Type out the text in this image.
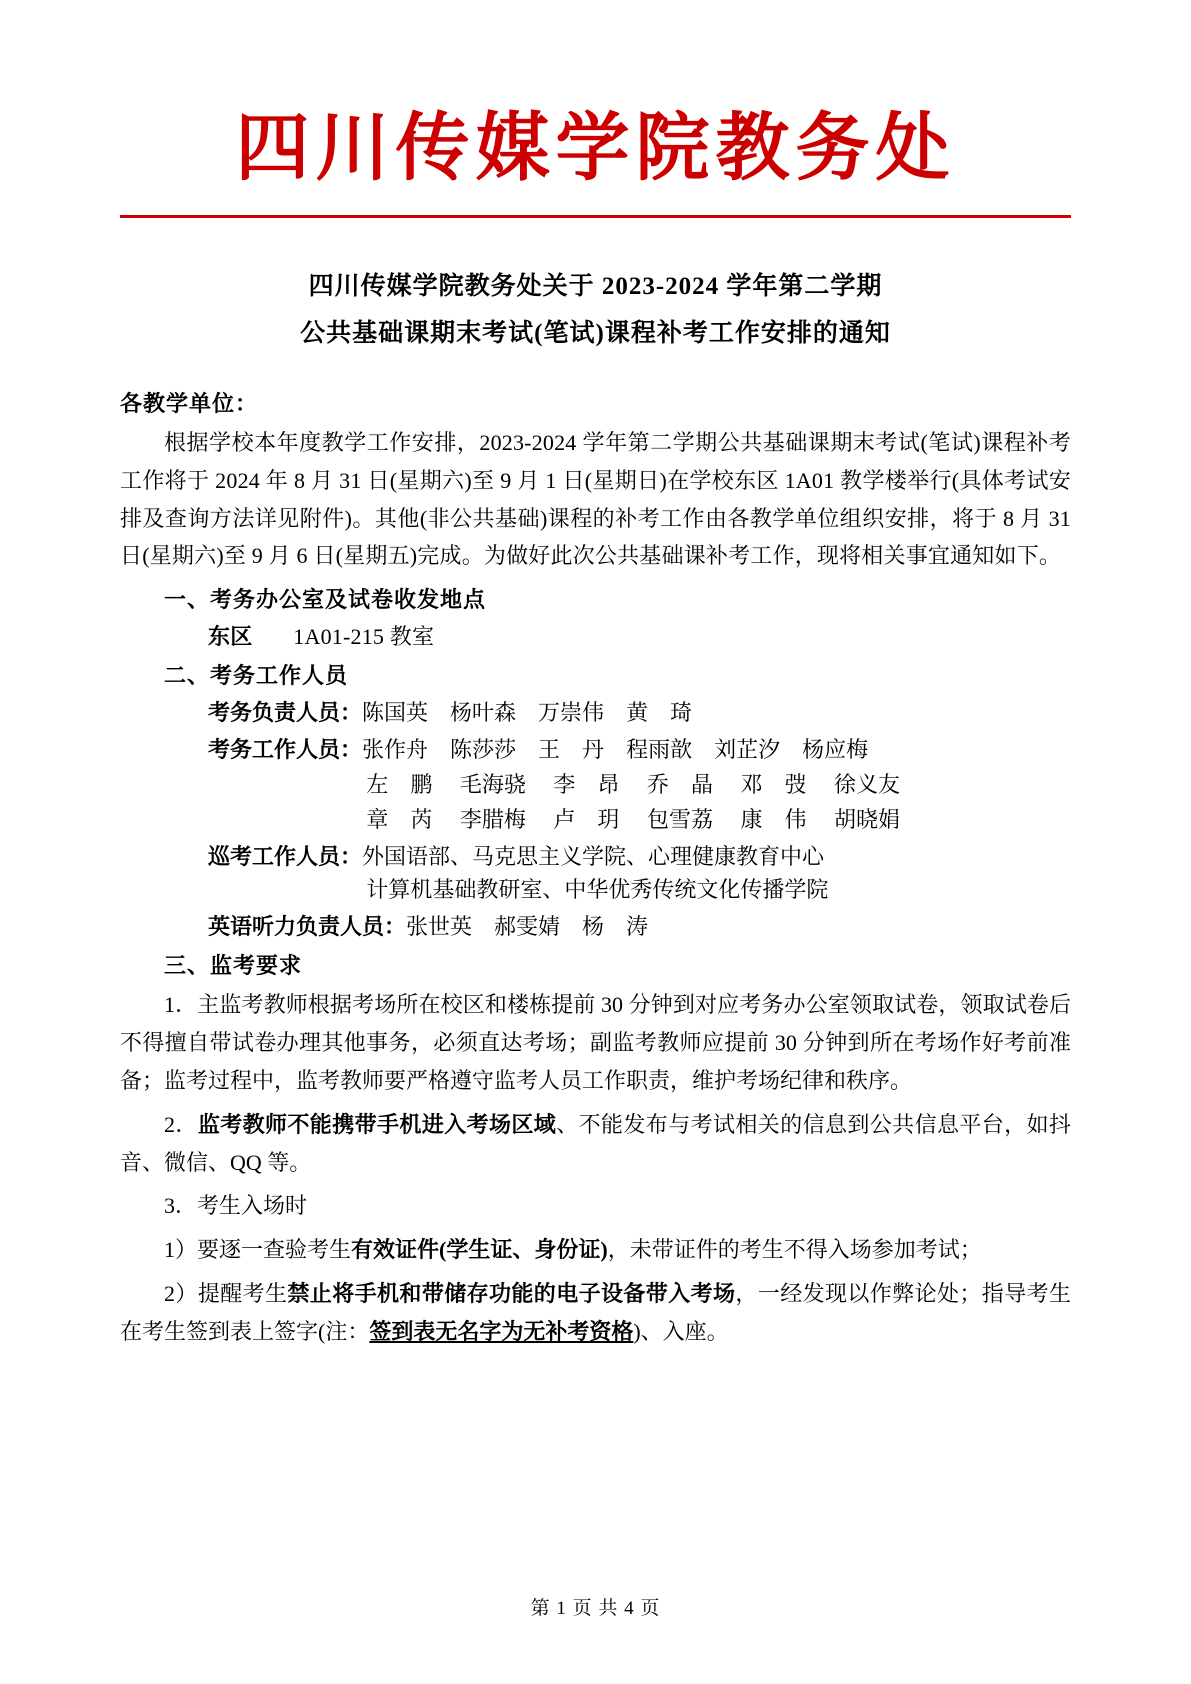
四川传媒学院教务处
四川传媒学院教务处关于 2023-2024 学年第二学期
公共基础课期末考试(笔试)课程补考工作安排的通知
各教学单位：

根据学校本年度教学工作安排，2023-2024 学年第二学期公共基础课期末考试(笔试)课程补考工作将于 2024 年 8 月 31 日(星期六)至 9 月 1 日(星期日)在学校东区 1A01 教学楼举行(具体考试安排及查询方法详见附件)。其他(非公共基础)课程的补考工作由各教学单位组织安排，将于 8 月 31 日(星期六)至 9 月 6 日(星期五)完成。为做好此次公共基础课补考工作，现将相关事宜通知如下。

一、考务办公室及试卷收发地点
东区 1A01-215 教室
二、考务工作人员
考务负责人员： 陈国英 杨叶森 万崇伟 黄　琦
考务工作人员： 张作舟 陈莎莎 王　丹 程雨歆 刘芷汐 杨应梅
左　鹏 毛海骁 李　昂 乔　晶 邓　弢 徐义友
章　芮 李腊梅 卢　玥 包雪荔 康　伟 胡晓娟
巡考工作人员： 外国语部、马克思主义学院、心理健康教育中心
计算机基础教研室、中华优秀传统文化传播学院
英语听力负责人员： 张世英 郝雯婧 杨　涛
三、监考要求
1．主监考教师根据考场所在校区和楼栋提前 30 分钟到对应考务办公室领取试卷，领取试卷后不得擅自带试卷办理其他事务，必须直达考场；副监考教师应提前 30 分钟到所在考场作好考前准备；监考过程中，监考教师要严格遵守监考人员工作职责，维护考场纪律和秩序。
2．监考教师不能携带手机进入考场区域、不能发布与考试相关的信息到公共信息平台，如抖音、微信、QQ 等。
3．考生入场时
1）要逐一查验考生有效证件(学生证、身份证)，未带证件的考生不得入场参加考试；
2）提醒考生禁止将手机和带储存功能的电子设备带入考场，一经发现以作弊论处；指导考生在考生签到表上签字(注：签到表无名字为无补考资格)、入座。
第 1 页 共 4 页
